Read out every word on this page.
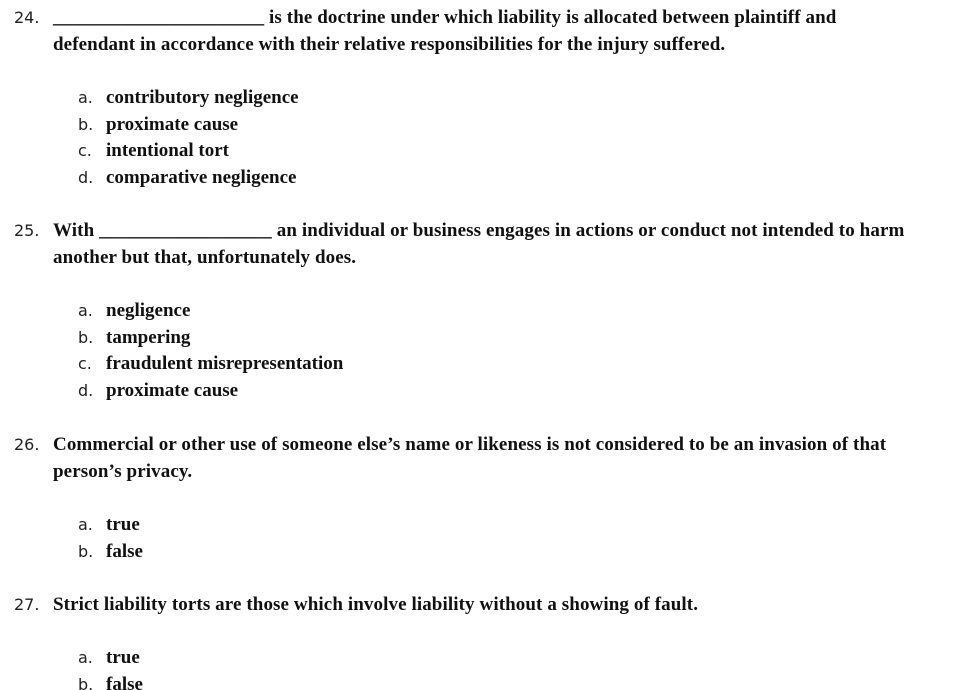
24. ______________________ is the doctrine under which liability is allocated between plaintiff and defendant in accordance with their relative responsibilities for the injury suffered.
a. contributory negligence
b. proximate cause
c. intentional tort
d. comparative negligence
25. With __________________ an individual or business engages in actions or conduct not intended to harm another but that, unfortunately does.
a. negligence
b. tampering
c. fraudulent misrepresentation
d. proximate cause
26. Commercial or other use of someone else’s name or likeness is not considered to be an invasion of that person’s privacy.
a. true
b. false
27. Strict liability torts are those which involve liability without a showing of fault.
a. true
b. false
